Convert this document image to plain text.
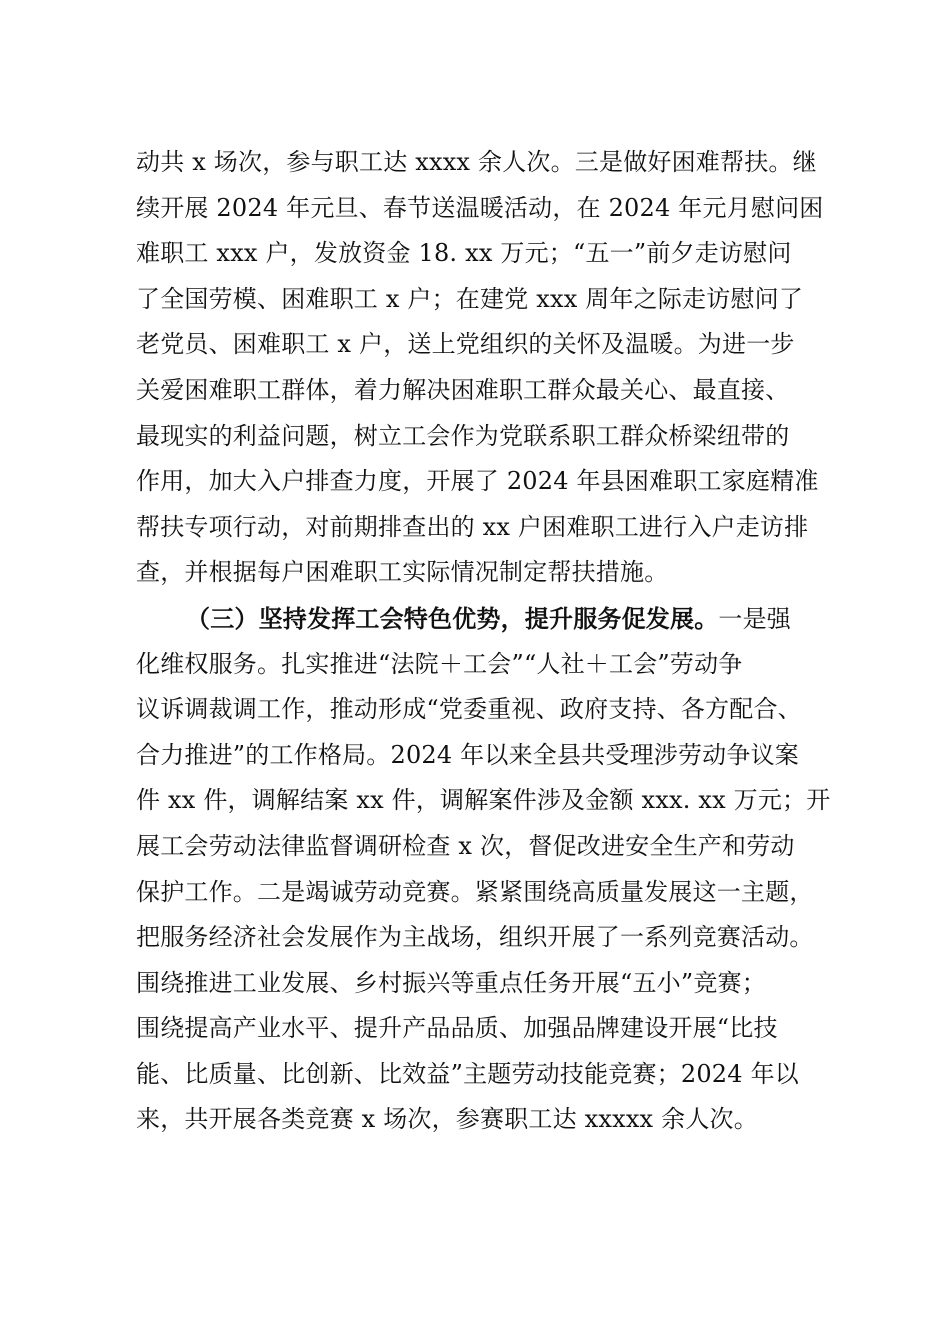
动共 x 场次，参与职工达 xxxx 余人次。三是做好困难帮扶。继
续开展 2024 年元旦、春节送温暖活动，在 2024 年元月慰问困
难职工 xxx 户，发放资金 18. xx 万元；“五一”前夕走访慰问
了全国劳模、困难职工 x 户；在建党 xxx 周年之际走访慰问了
老党员、困难职工 x 户，送上党组织的关怀及温暖。为进一步
关爱困难职工群体，着力解决困难职工群众最关心、最直接、
最现实的利益问题，树立工会作为党联系职工群众桥梁纽带的
作用，加大入户排查力度，开展了 2024 年县困难职工家庭精准
帮扶专项行动，对前期排查出的 xx 户困难职工进行入户走访排
查，并根据每户困难职工实际情况制定帮扶措施。
（三）坚持发挥工会特色优势，提升服务促发展。一是强
化维权服务。扎实推进“法院＋工会”“人社＋工会”劳动争
议诉调裁调工作，推动形成“党委重视、政府支持、各方配合、
合力推进”的工作格局。2024 年以来全县共受理涉劳动争议案
件 xx 件，调解结案 xx 件，调解案件涉及金额 xxx. xx 万元；开
展工会劳动法律监督调研检查 x 次，督促改进安全生产和劳动
保护工作。二是竭诚劳动竞赛。紧紧围绕高质量发展这一主题，
把服务经济社会发展作为主战场，组织开展了一系列竞赛活动。
围绕推进工业发展、乡村振兴等重点任务开展“五小”竞赛；
围绕提高产业水平、提升产品品质、加强品牌建设开展“比技
能、比质量、比创新、比效益”主题劳动技能竞赛；2024 年以
来，共开展各类竞赛 x 场次，参赛职工达 xxxxx 余人次。
